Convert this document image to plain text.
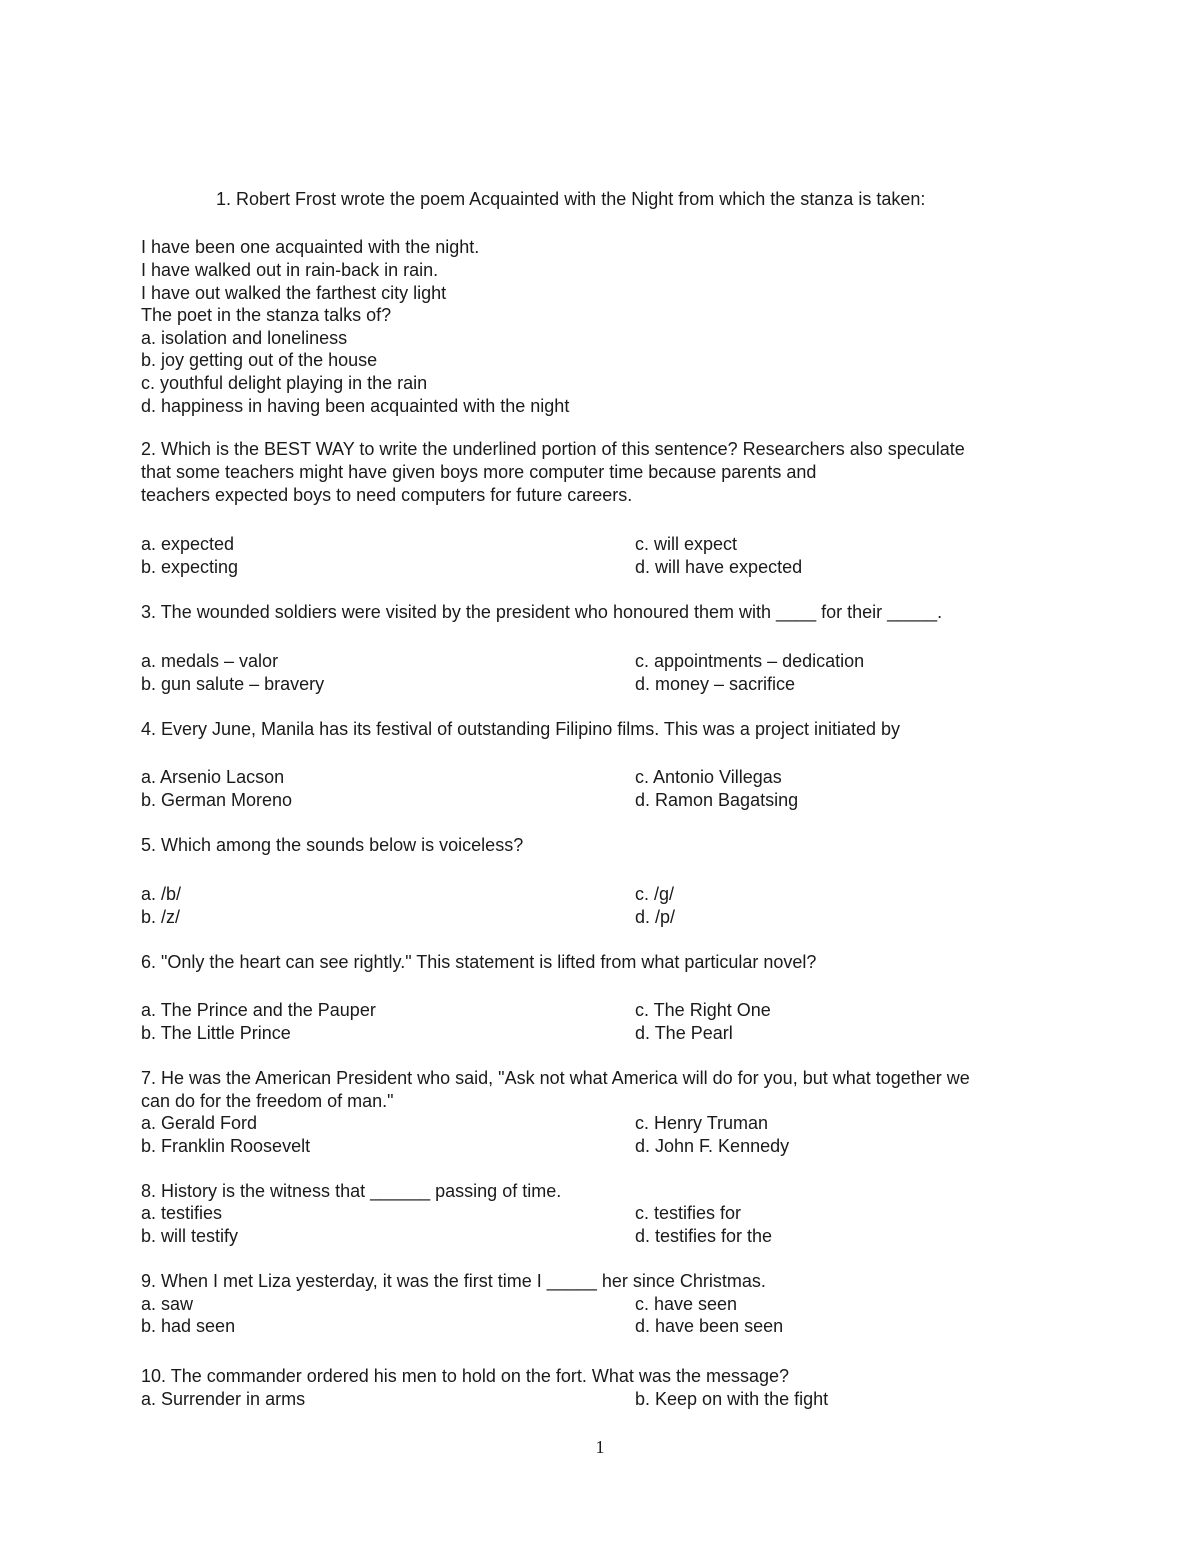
1. Robert Frost wrote the poem Acquainted with the Night from which the stanza is taken:
I have been one acquainted with the night.
I have walked out in rain-back in rain.
I have out walked the farthest city light
The poet in the stanza talks of?
a. isolation and loneliness
b. joy getting out of the house
c. youthful delight playing in the rain
d. happiness in having been acquainted with the night
2. Which is the BEST WAY to write the underlined portion of this sentence? Researchers also speculate
that some teachers might have given boys more computer time because parents and
teachers expected boys to need computers for future careers.
a. expected
b. expecting
c. will expect
d. will have expected
3. The wounded soldiers were visited by the president who honoured them with ____ for their _____.
a. medals – valor
b. gun salute – bravery
c. appointments – dedication
d. money – sacrifice
4. Every June, Manila has its festival of outstanding Filipino films. This was a project initiated by
a. Arsenio Lacson
b. German Moreno
c. Antonio Villegas
d. Ramon Bagatsing
5. Which among the sounds below is voiceless?
a. /b/
b. /z/
c. /g/
d. /p/
6. "Only the heart can see rightly." This statement is lifted from what particular novel?
a. The Prince and the Pauper
b. The Little Prince
c. The Right One
d. The Pearl
7. He was the American President who said, "Ask not what America will do for you, but what together we
can do for the freedom of man."
a. Gerald Ford
b. Franklin Roosevelt
c. Henry Truman
d. John F. Kennedy
8. History is the witness that ______ passing of time.
a. testifies
b. will testify
c. testifies for
d. testifies for the
9. When I met Liza yesterday, it was the first time I _____ her since Christmas.
a. saw
b. had seen
c. have seen
d. have been seen
10. The commander ordered his men to hold on the fort. What was the message?
a. Surrender in arms	b. Keep on with the fight
1
